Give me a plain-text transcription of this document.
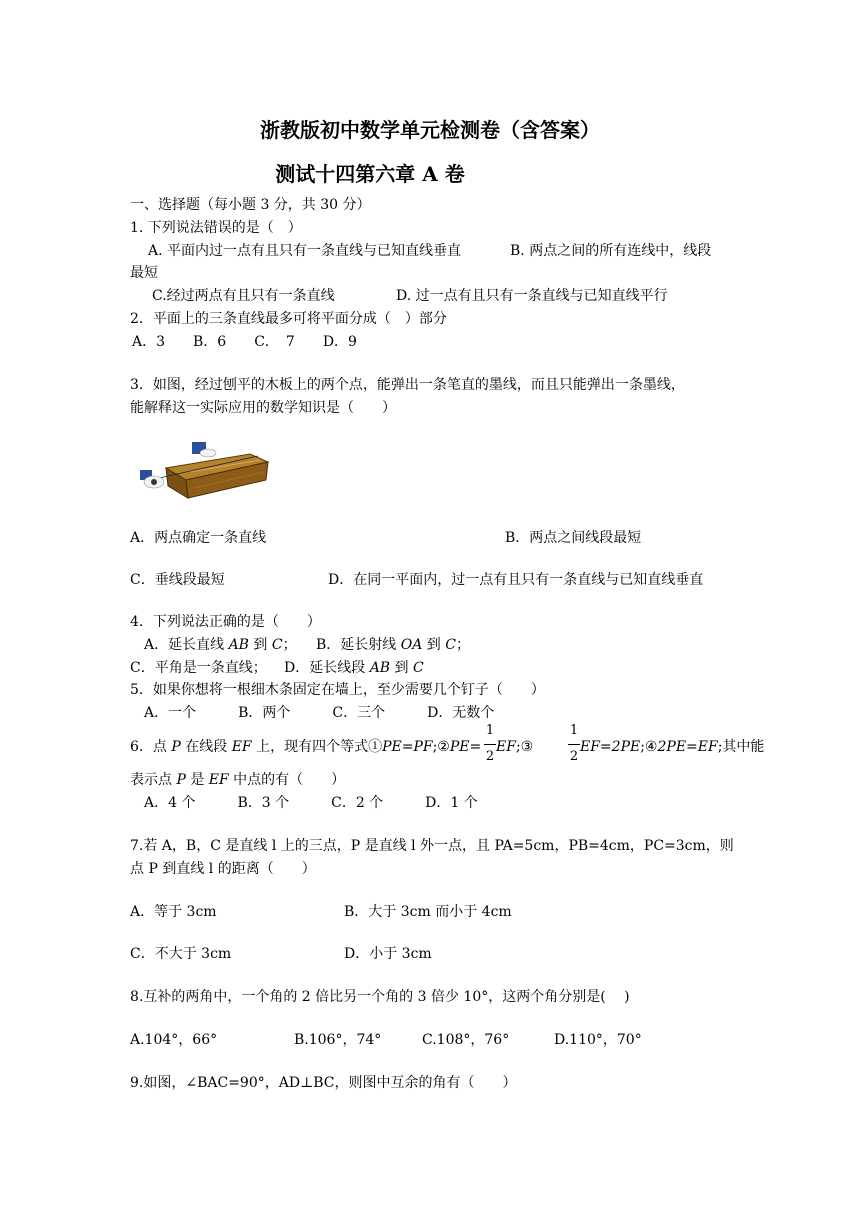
浙教版初中数学单元检测卷（含答案）
测试十四第六章 A 卷
一、选择题（每小题 3 分，共 30 分）
1. 下列说法错误的是（　）
A. 平面内过一点有且只有一条直线与已知直线垂直	B. 两点之间的所有连线中，线段
最短
C.经过两点有且只有一条直线	D. 过一点有且只有一条直线与已知直线平行
2．平面上的三条直线最多可将平面分成（　）部分
A．3　　B．6　　C．　7　　D．9
3．如图，经过刨平的木板上的两个点，能弹出一条笔直的墨线，而且只能弹出一条墨线，
能解释这一实际应用的数学知识是（　　）
A．两点确定一条直线	B．两点之间线段最短
C．垂线段最短	D．在同一平面内，过一点有且只有一条直线与已知直线垂直
4．下列说法正确的是（　　）
A．延长直线 AB 到 C； B．延长射线 OA 到 C；
C．平角是一条直线； D．延长线段 AB 到 C
5．如果你想将一根细木条固定在墙上，至少需要几个钉子（　　）
A．一个　　　B．两个　　　C．三个　　　D．无数个
6．点 P 在线段 EF 上，现有四个等式①PE=PF;②PE=
1
2
EF;③
1
2
EF=2PE;④2PE=EF;其中能
表示点 P 是 EF 中点的有（　　）
A．4 个　　　B．3 个　　　C．2 个　　　D．1 个
7.若 A，B，C 是直线 l 上的三点，P 是直线 l 外一点，且 PA=5cm，PB=4cm，PC=3cm，则
点 P 到直线 l 的距离（　　）
A．等于 3cm	B．大于 3cm 而小于 4cm
C．不大于 3cm	D．小于 3cm
8.互补的两角中，一个角的 2 倍比另一个角的 3 倍少 10°，这两个角分别是(　 )
A.104°，66°	B.106°，74°	C.108°，76°	D.110°，70°
9.如图，∠BAC=90°，AD⊥BC，则图中互余的角有（　　）
